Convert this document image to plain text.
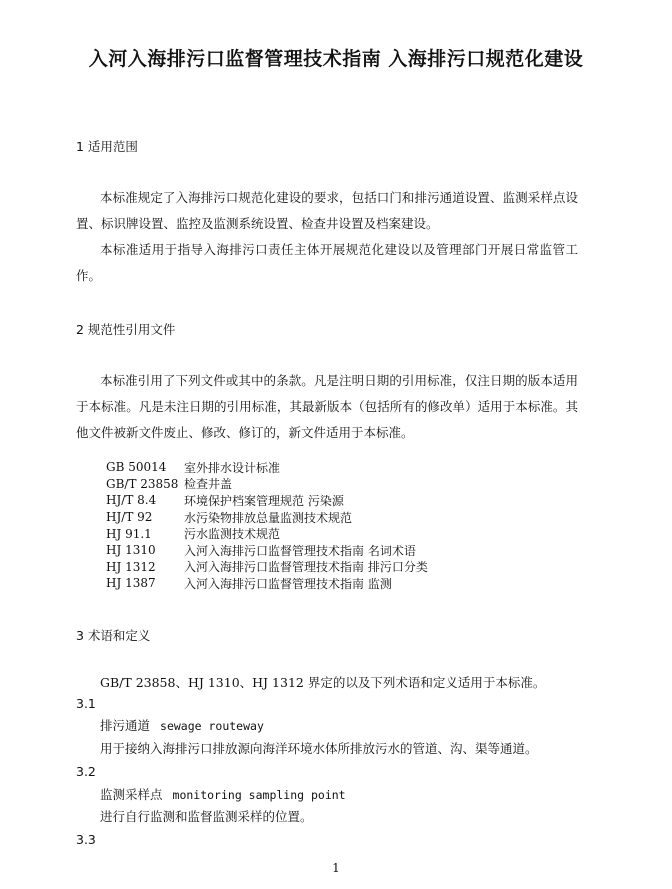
入河入海排污口监督管理技术指南 入海排污口规范化建设
1 适用范围
本标准规定了入海排污口规范化建设的要求，包括口门和排污通道设置、监测采样点设置、标识牌设置、监控及监测系统设置、检查井设置及档案建设。
本标准适用于指导入海排污口责任主体开展规范化建设以及管理部门开展日常监管工作。
2 规范性引用文件
本标准引用了下列文件或其中的条款。凡是注明日期的引用标准，仅注日期的版本适用于本标准。凡是未注日期的引用标准，其最新版本（包括所有的修改单）适用于本标准。其他文件被新文件废止、修改、修订的，新文件适用于本标准。
GB 50014	室外排水设计标准
GB/T 23858 检查井盖
HJ/T 8.4	环境保护档案管理规范 污染源
HJ/T 92	水污染物排放总量监测技术规范
HJ 91.1	污水监测技术规范
HJ 1310	入河入海排污口监督管理技术指南 名词术语
HJ 1312	入河入海排污口监督管理技术指南 排污口分类
HJ 1387	入河入海排污口监督管理技术指南 监测
3 术语和定义
GB/T 23858、HJ 1310、HJ 1312 界定的以及下列术语和定义适用于本标准。
3.1
排污通道 sewage routeway
用于接纳入海排污口排放源向海洋环境水体所排放污水的管道、沟、渠等通道。
3.2
监测采样点 monitoring sampling point
进行自行监测和监督监测采样的位置。
3.3
1
